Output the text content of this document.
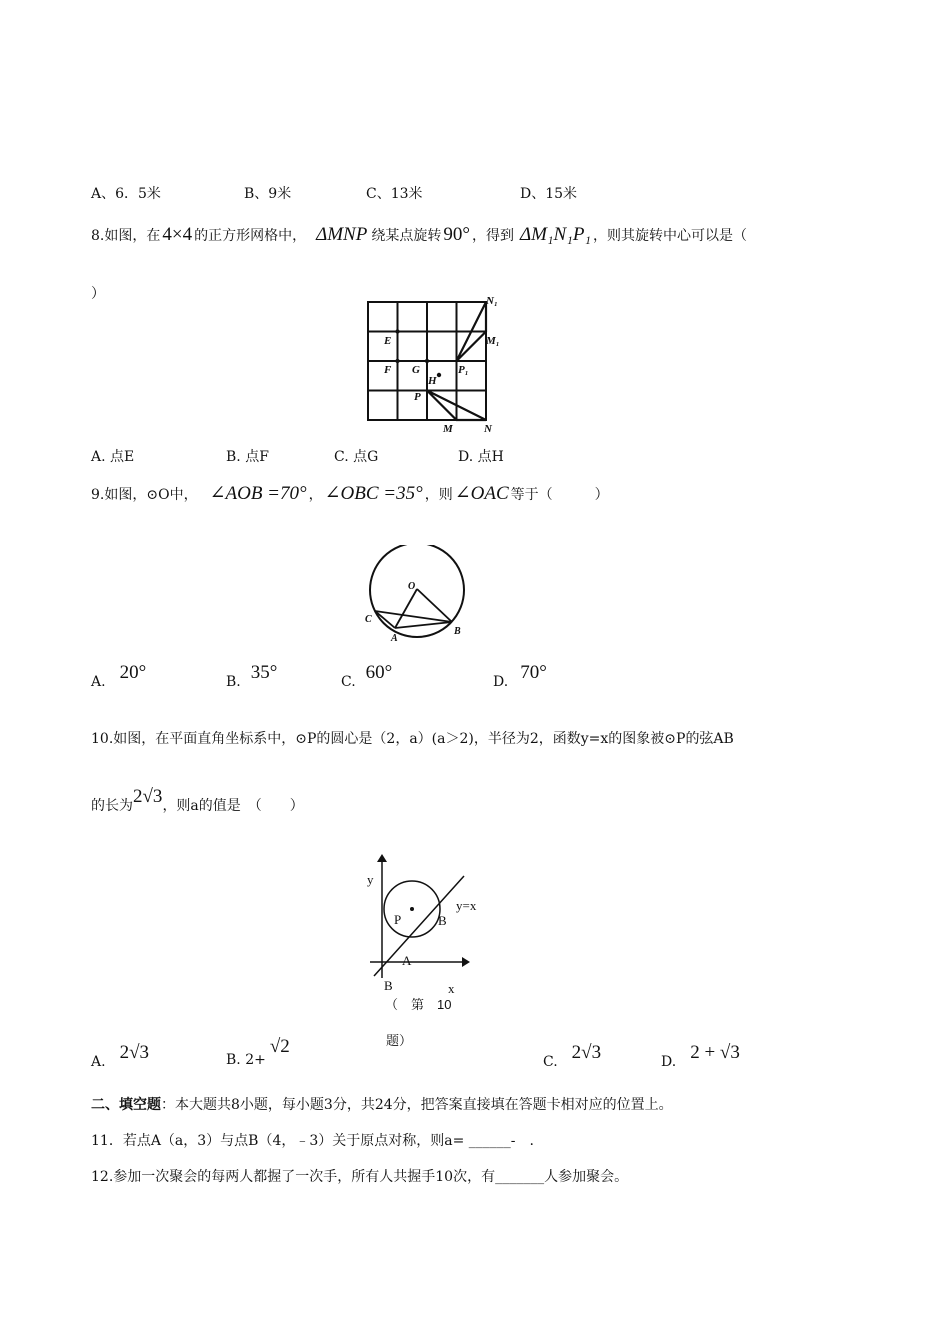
A、6．5米	B、9米	C、13米	D、15米
8.如图，在 4×4 的正方形网格中， ΔMNP 绕某点旋转 90° ，得到 ΔM₁N₁P₁ ，则其旋转中心可以是（
）
E
F G
H
P
M	N
N₁
M₁
P₁
A. 点E	B. 点F	C. 点G	D. 点H
9.如图，⊙O中， ∠AOB =70° ， ∠OBC =35° ，则 ∠OAC 等于（　　　）
O
A
B
C
A. 20°	B. 35°	C. 60°	D. 70°
10.如图，在平面直角坐标系中，⊙P的圆心是（2，a）(a＞2)，半径为2，函数y=x的图象被⊙P的弦AB
的长为2√3，则a的值是　（　　）
y
x
P	B
B
A
y=x
（　第　10
题）
A. 2√3	B. 2+√2
C. 2√3	D. 2 + √3
二、填空题：本大题共8小题，每小题3分，共24分，把答案直接填在答题卡相对应的位置上。
11．若点A（a，3）与点B（4，﹣3）关于原点对称，则a= ______-　.
12.参加一次聚会的每两人都握了一次手，所有人共握手10次，有_______人参加聚会。
